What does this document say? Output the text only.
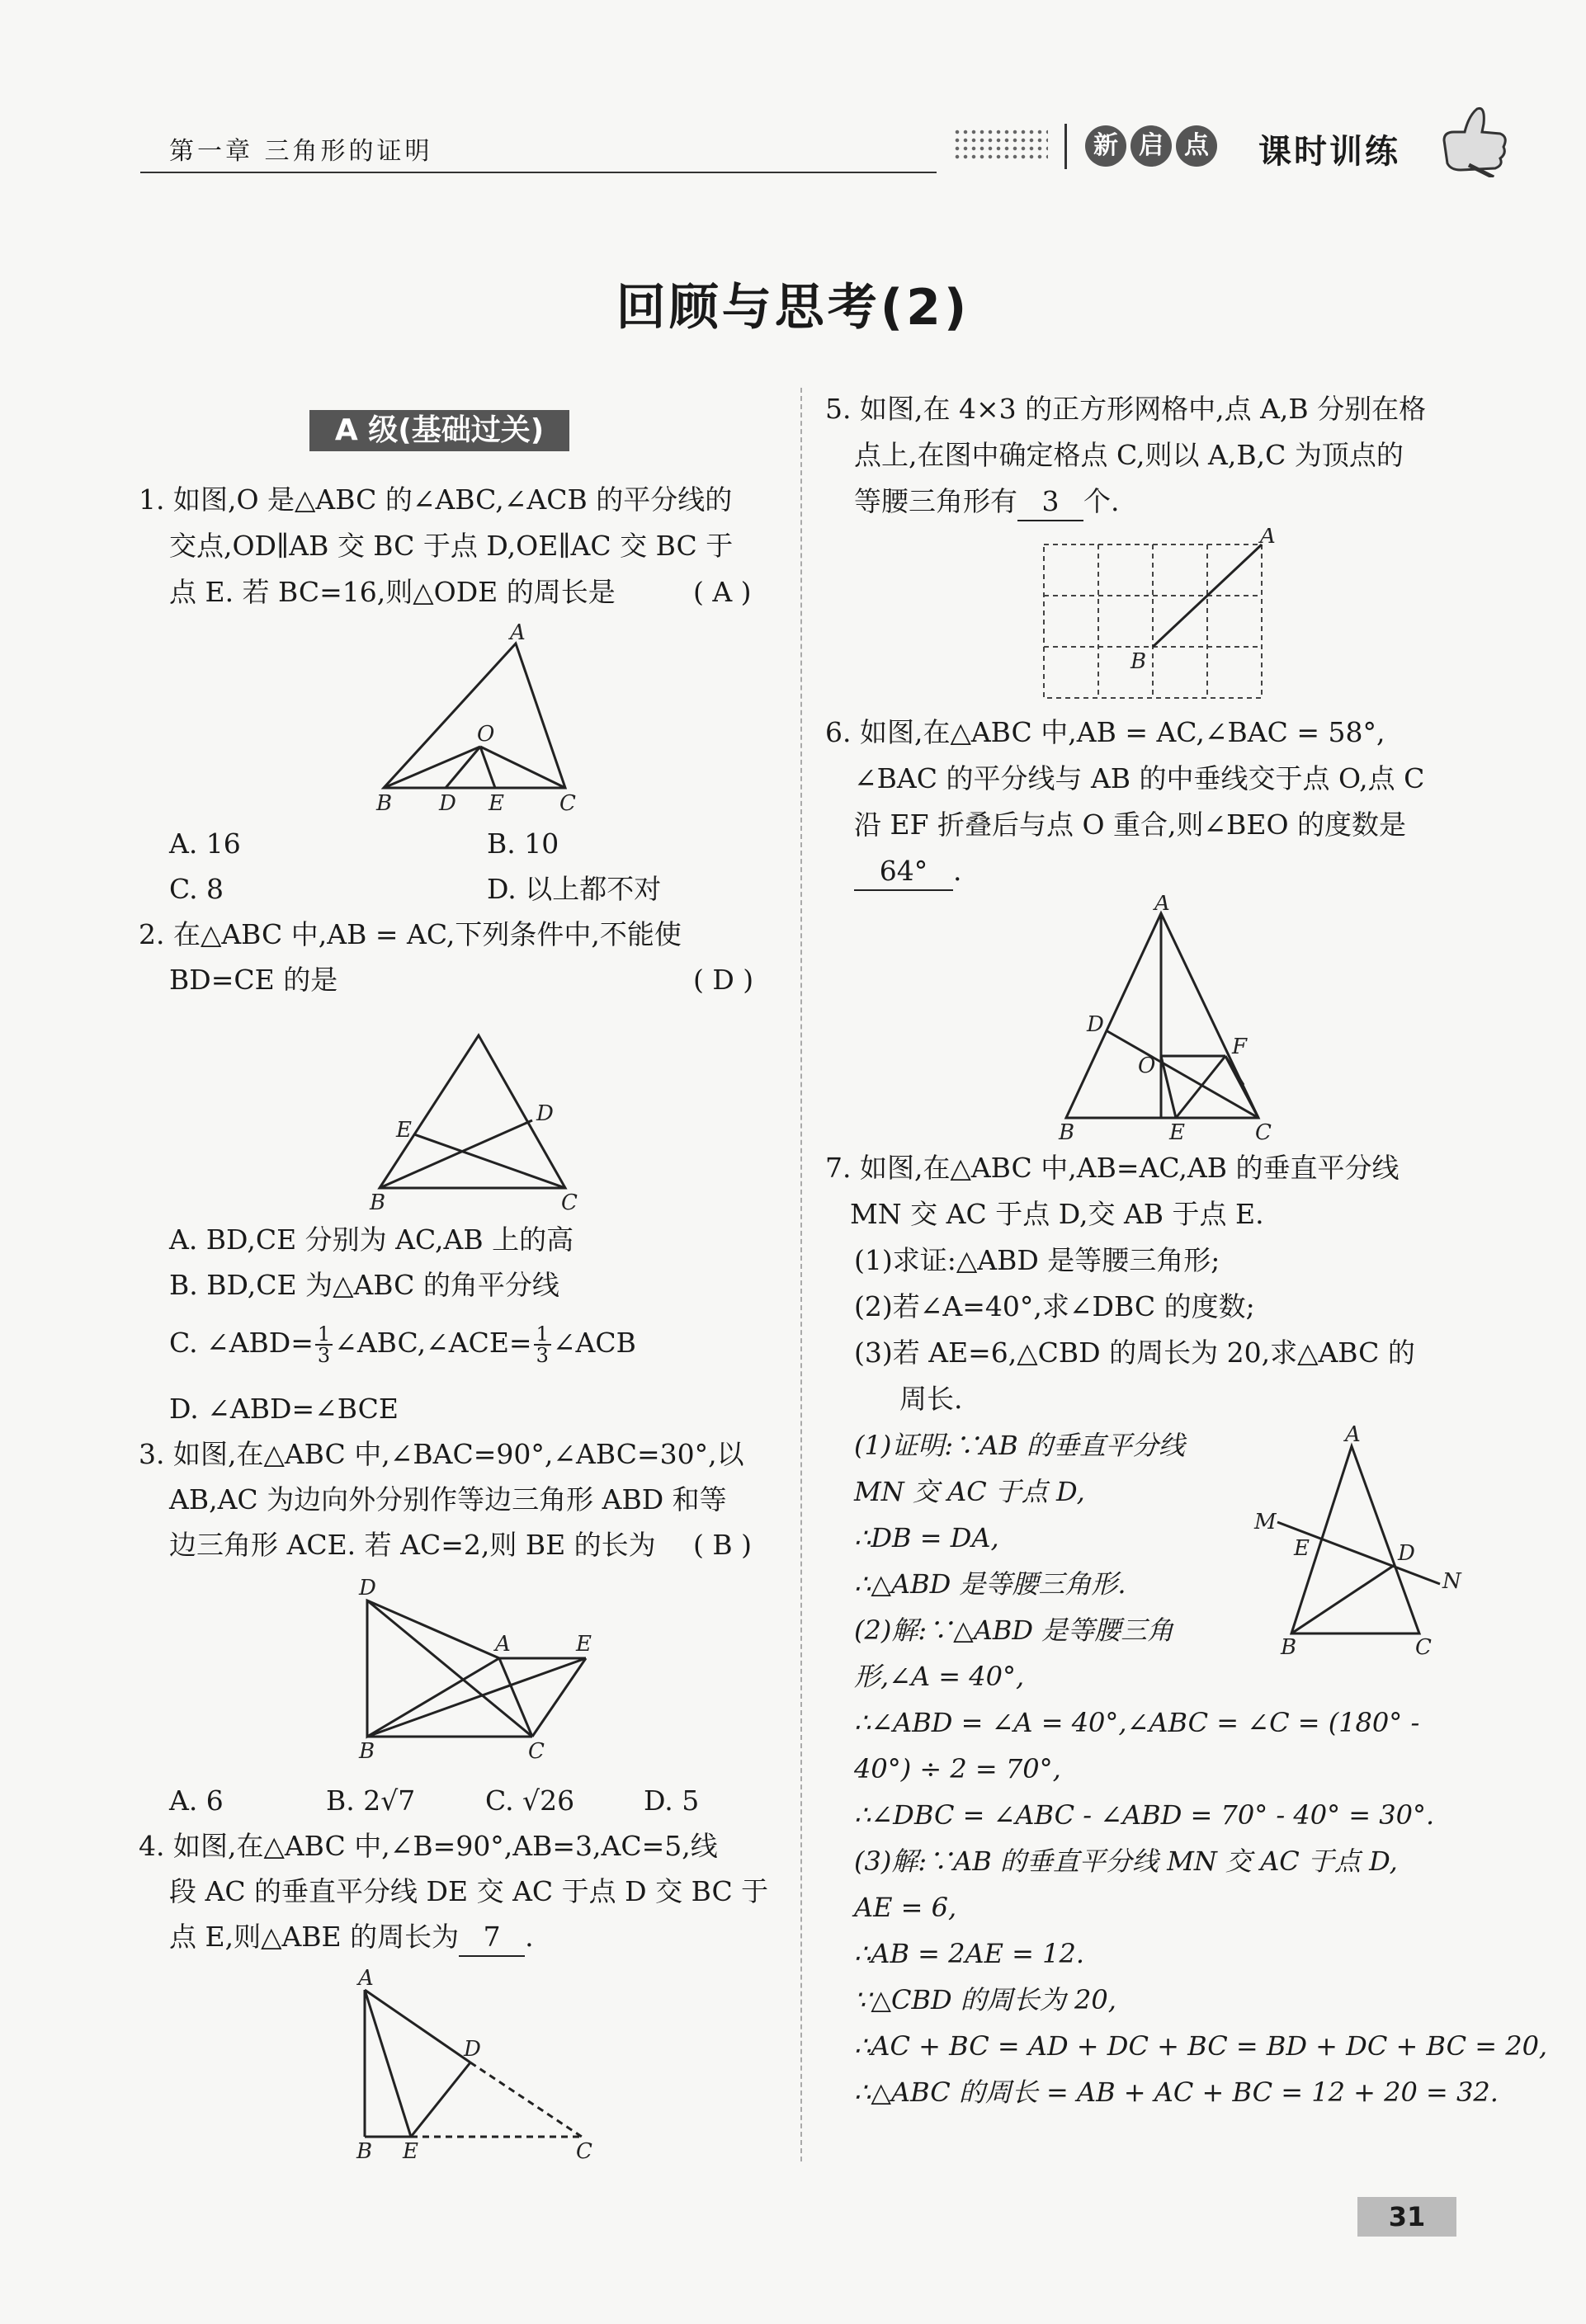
第一章 三角形的证明	新 启 点 课时训练
回顾与思考(2)
A 级(基础过关)
1. 如图,O 是△ABC 的∠ABC,∠ACB 的平分线的
交点,OD∥AB 交 BC 于点 D,OE∥AC 交 BC 于
点 E. 若 BC=16,则△ODE 的周长是	( A )
A
O
B D E	C
A. 16	B. 10
C. 8	D. 以上都不对
2. 在△ABC 中,AB = AC,下列条件中,不能使
BD=CE 的是	( D )
E
D
B	C
A. BD,CE 分别为 AC,AB 上的高
B. BD,CE 为△ABC 的角平分线
C. ∠ABD= $\frac{1}{3}$ ∠ABC,∠ACE= $\frac{1}{3}$ ∠ACB
D. ∠ABD=∠BCE
3. 如图,在△ABC 中,∠BAC=90°,∠ABC=30°,以
AB,AC 为边向外分别作等边三角形 ABD 和等
边三角形 ACE. 若 AC=2,则 BE 的长为 ( B )
D
A	E
B	C
A. 6	B. 2√7	C. √26	D. 5
4. 如图,在△ABC 中,∠B=90°,AB=3,AC=5,线
段 AC 的垂直平分线 DE 交 AC 于点 D 交 BC 于
点 E,则△ABE 的周长为 7 .
A
D
B E	C
5. 如图,在 4×3 的正方形网格中,点 A,B 分别在格
点上,在图中确定格点 C,则以 A,B,C 为顶点的
等腰三角形有 3 个.
A
B
6. 如图,在△ABC 中,AB = AC,∠BAC = 58°,
∠BAC 的平分线与 AB 的中垂线交于点 O,点 C
沿 EF 折叠后与点 O 重合,则∠BEO 的度数是
64° .
A
D
F
O
B	E	C
7. 如图,在△ABC 中,AB=AC,AB 的垂直平分线
MN 交 AC 于点 D,交 AB 于点 E.
(1)求证:△ABD 是等腰三角形;
(2)若∠A=40°,求∠DBC 的度数;
(3)若 AE=6,△CBD 的周长为 20,求△ABC 的
周长.
A
M
E	D
N
B	C
(1)证明:∵AB 的垂直平分线
MN 交 AC 于点 D,
∴DB = DA,
∴△ABD 是等腰三角形.
(2)解:∵△ABD 是等腰三角
形,∠A = 40°,
∴∠ABD = ∠A = 40°,∠ABC = ∠C = (180° -
40°) ÷ 2 = 70°,
∴∠DBC = ∠ABC - ∠ABD = 70° - 40° = 30°.
(3)解:∵AB 的垂直平分线 MN 交 AC 于点 D,
AE = 6,
∴AB = 2AE = 12.
∵△CBD 的周长为 20,
∴AC + BC = AD + DC + BC = BD + DC + BC = 20,
∴△ABC 的周长 = AB + AC + BC = 12 + 20 = 32.
31
